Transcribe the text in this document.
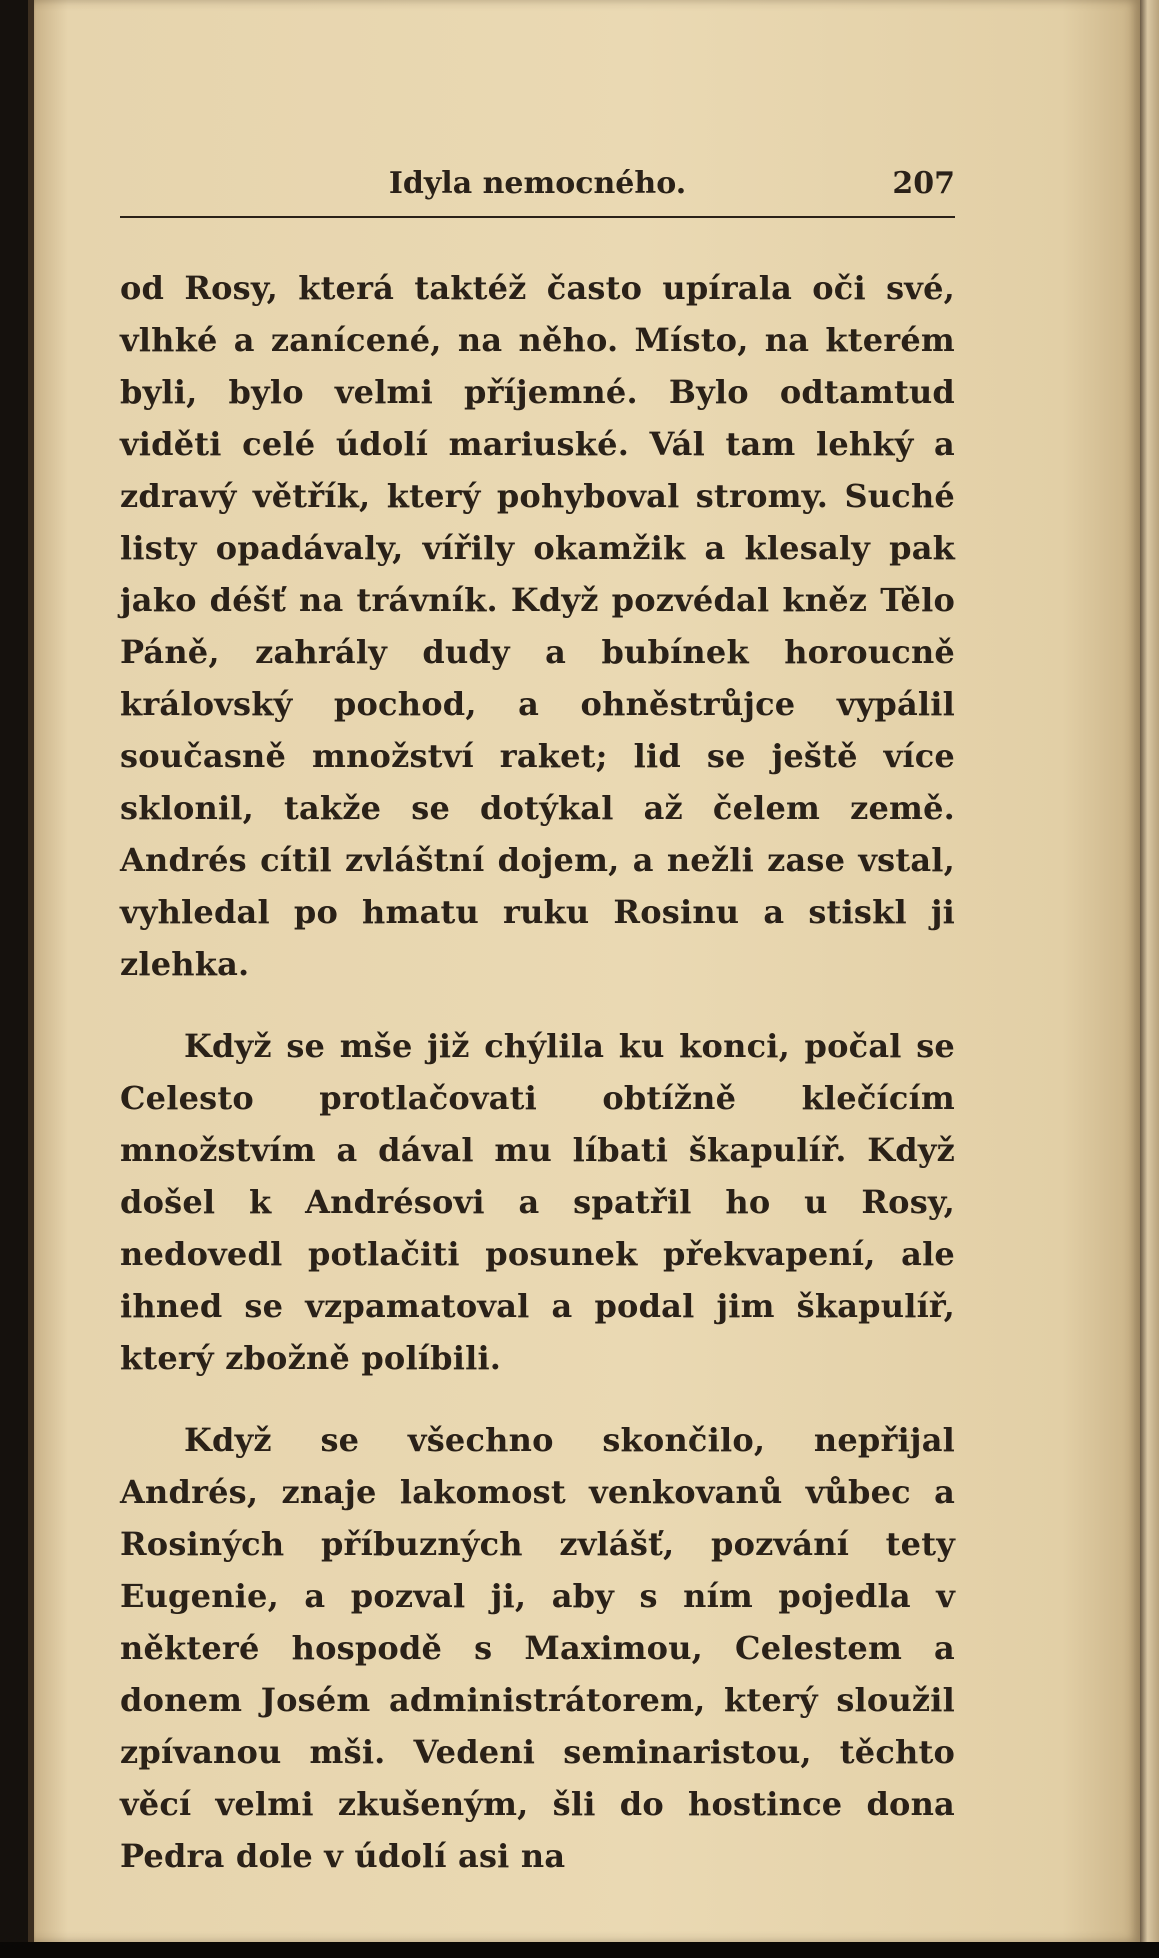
Idyla nemocného.	207

od Rosy, která taktéž často upírala oči své, vlhké a zanícené, na něho. Místo, na kterém byli, bylo velmi příjemné. Bylo odtamtud viděti celé údolí mariuské. Vál tam lehký a zdravý větřík, který pohyboval stromy. Suché listy opadávaly, vířily okamžik a klesaly pak jako déšť na trávník. Když pozvédal kněz Tělo Páně, zahrály dudy a bubínek horoucně královský pochod, a ohněstrůjce vypálil současně množství raket; lid se ještě více sklonil, takže se dotýkal až čelem země. Andrés cítil zvláštní dojem, a nežli zase vstal, vyhledal po hmatu ruku Rosinu a stiskl ji zlehka.

Když se mše již chýlila ku konci, počal se Celesto protlačovati obtížně klečícím množstvím a dával mu líbati škapulíř. Když došel k Andrésovi a spatřil ho u Rosy, nedovedl potlačiti posunek překvapení, ale ihned se vzpamatoval a podal jim škapulíř, který zbožně políbili.

Když se všechno skončilo, nepřijal Andrés, znaje lakomost venkovanů vůbec a Rosiných příbuzných zvlášť, pozvání tety Eugenie, a pozval ji, aby s ním pojedla v některé hospodě s Maximou, Celestem a donem Josém administrátorem, který sloužil zpívanou mši. Vedeni seminaristou, těchto věcí velmi zkušeným, šli do hostince dona Pedra dole v údolí asi na
